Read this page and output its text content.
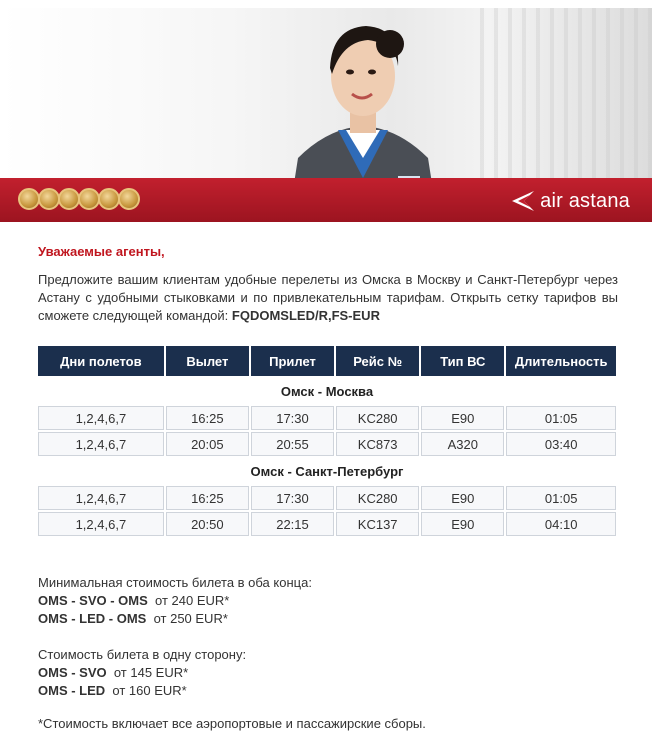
air astana

Уважаемые агенты,

Предложите вашим клиентам удобные перелеты из Омска в Москву и Санкт-Петербург через Астану с удобными стыковками и по привлекательным тарифам. Открыть сетку тарифов вы сможете следующей командой: FQDOMSLED/R,FS-EUR

Дни полетов	Вылет	Прилет	Рейс №	Тип ВС	Длительность
Омск - Москва					
1,2,4,6,7	16:25	17:30	KC280	E90	01:05
1,2,4,6,7	20:05	20:55	KC873	A320	03:40
Омск - Санкт-Петербург					
1,2,4,6,7	16:25	17:30	KC280	E90	01:05
1,2,4,6,7	20:50	22:15	KC137	E90	04:10

Минимальная стоимость билета в оба конца:

OMS - SVO - OMS от 240 EUR*

OMS - LED - OMS от 250 EUR*

Стоимость билета в одну сторону:

OMS - SVO от 145 EUR*

OMS - LED от 160 EUR*

*Стоимость включает все аэропортовые и пассажирские сборы.
